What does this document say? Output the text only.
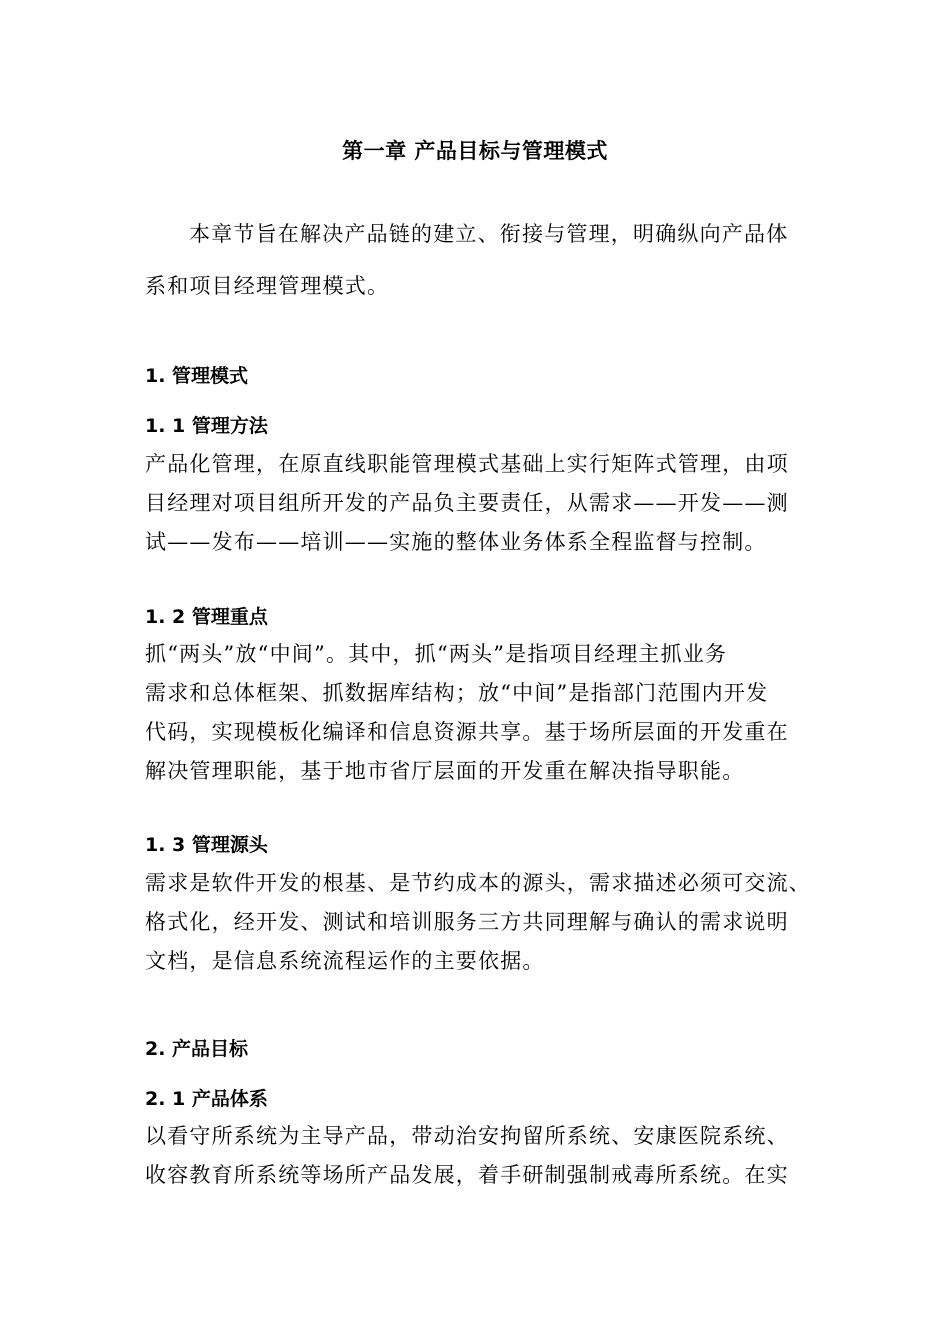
第一章 产品目标与管理模式
本章节旨在解决产品链的建立、衔接与管理，明确纵向产品体
系和项目经理管理模式。
1. 管理模式
1. 1 管理方法
产品化管理，在原直线职能管理模式基础上实行矩阵式管理，由项
目经理对项目组所开发的产品负主要责任，从需求——开发——测
试——发布——培训——实施的整体业务体系全程监督与控制。
1. 2 管理重点
抓“两头”放“中间”。其中，抓“两头”是指项目经理主抓业务
需求和总体框架、抓数据库结构；放“中间”是指部门范围内开发
代码，实现模板化编译和信息资源共享。基于场所层面的开发重在
解决管理职能，基于地市省厅层面的开发重在解决指导职能。
1. 3 管理源头
需求是软件开发的根基、是节约成本的源头，需求描述必须可交流、
格式化，经开发、测试和培训服务三方共同理解与确认的需求说明
文档，是信息系统流程运作的主要依据。
2. 产品目标
2. 1 产品体系
以看守所系统为主导产品，带动治安拘留所系统、安康医院系统、
收容教育所系统等场所产品发展，着手研制强制戒毒所系统。在实
